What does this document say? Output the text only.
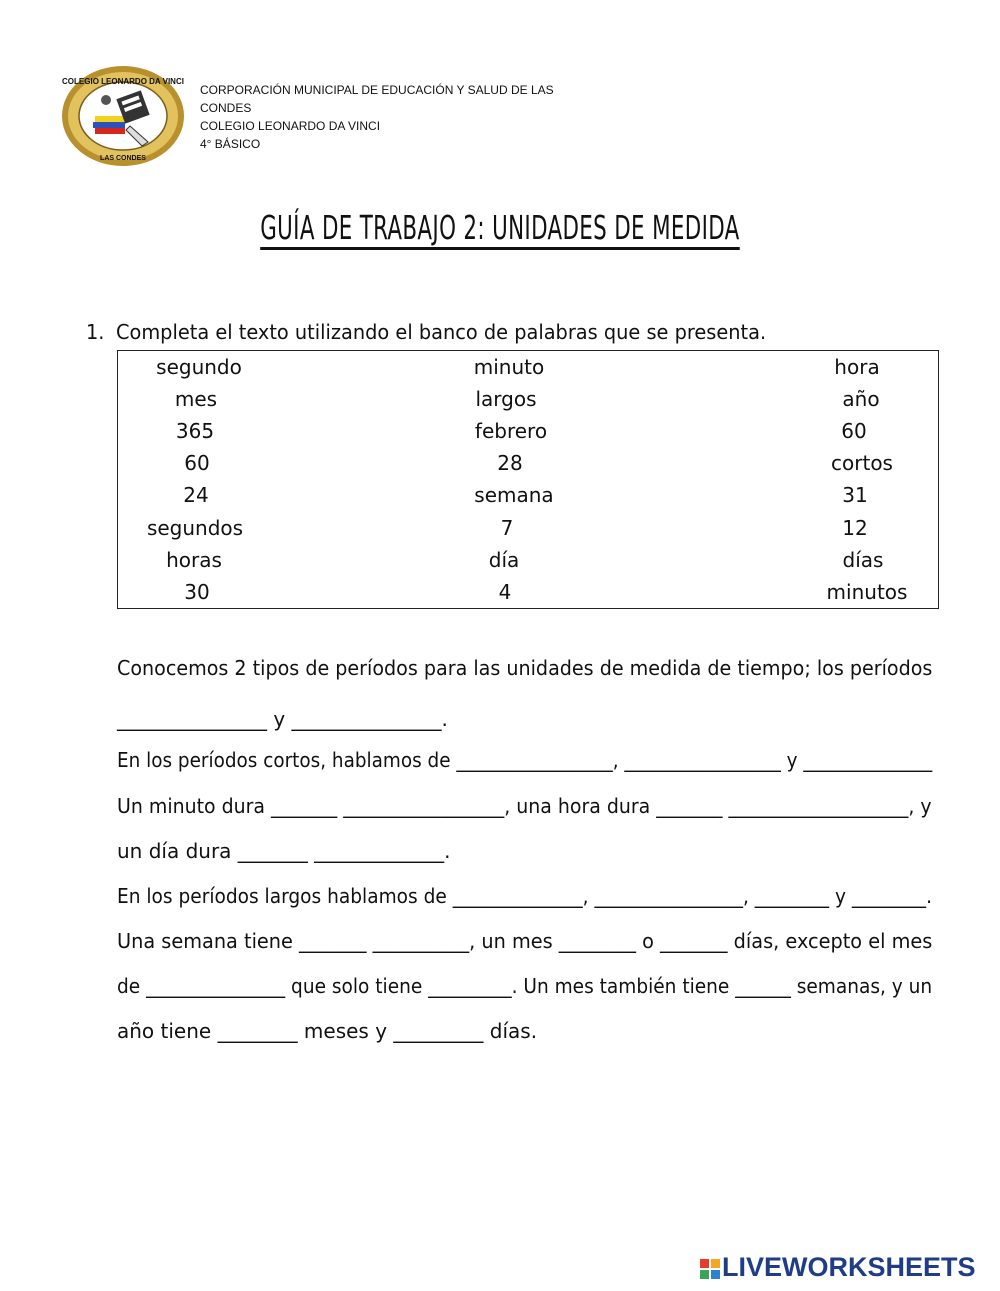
COLEGIO LEONARDO DA VINCI
LAS CONDES
CORPORACIÓN MUNICIPAL DE EDUCACIÓN Y SALUD DE LAS CONDES
COLEGIO LEONARDO DA VINCI
4° BÁSICO
GUÍA DE TRABAJO 2: UNIDADES DE MEDIDA
1. Completa el texto utilizando el banco de palabras que se presenta.
segundo
mes
365
60
24
segundos
horas
30
minuto
largos
febrero
28
semana
7
día
4
hora
año
60
cortos
31
12
días
minutos
Conocemos 2 tipos de períodos para las unidades de medida de tiempo; los períodos
_______________ y _______________.
En los períodos cortos, hablamos de _________________, _________________ y ______________
Un minuto dura _______ _________________, una hora dura _______ ___________________, y
un día dura _______ _____________.
En los períodos largos hablamos de ______________, ________________, ________ y ________.
Una semana tiene _______ __________, un mes ________ o _______ días, excepto el mes
de _______________ que solo tiene _________. Un mes también tiene ______ semanas, y un
año tiene ________ meses y _________ días.
LIVEWORKSHEETS
